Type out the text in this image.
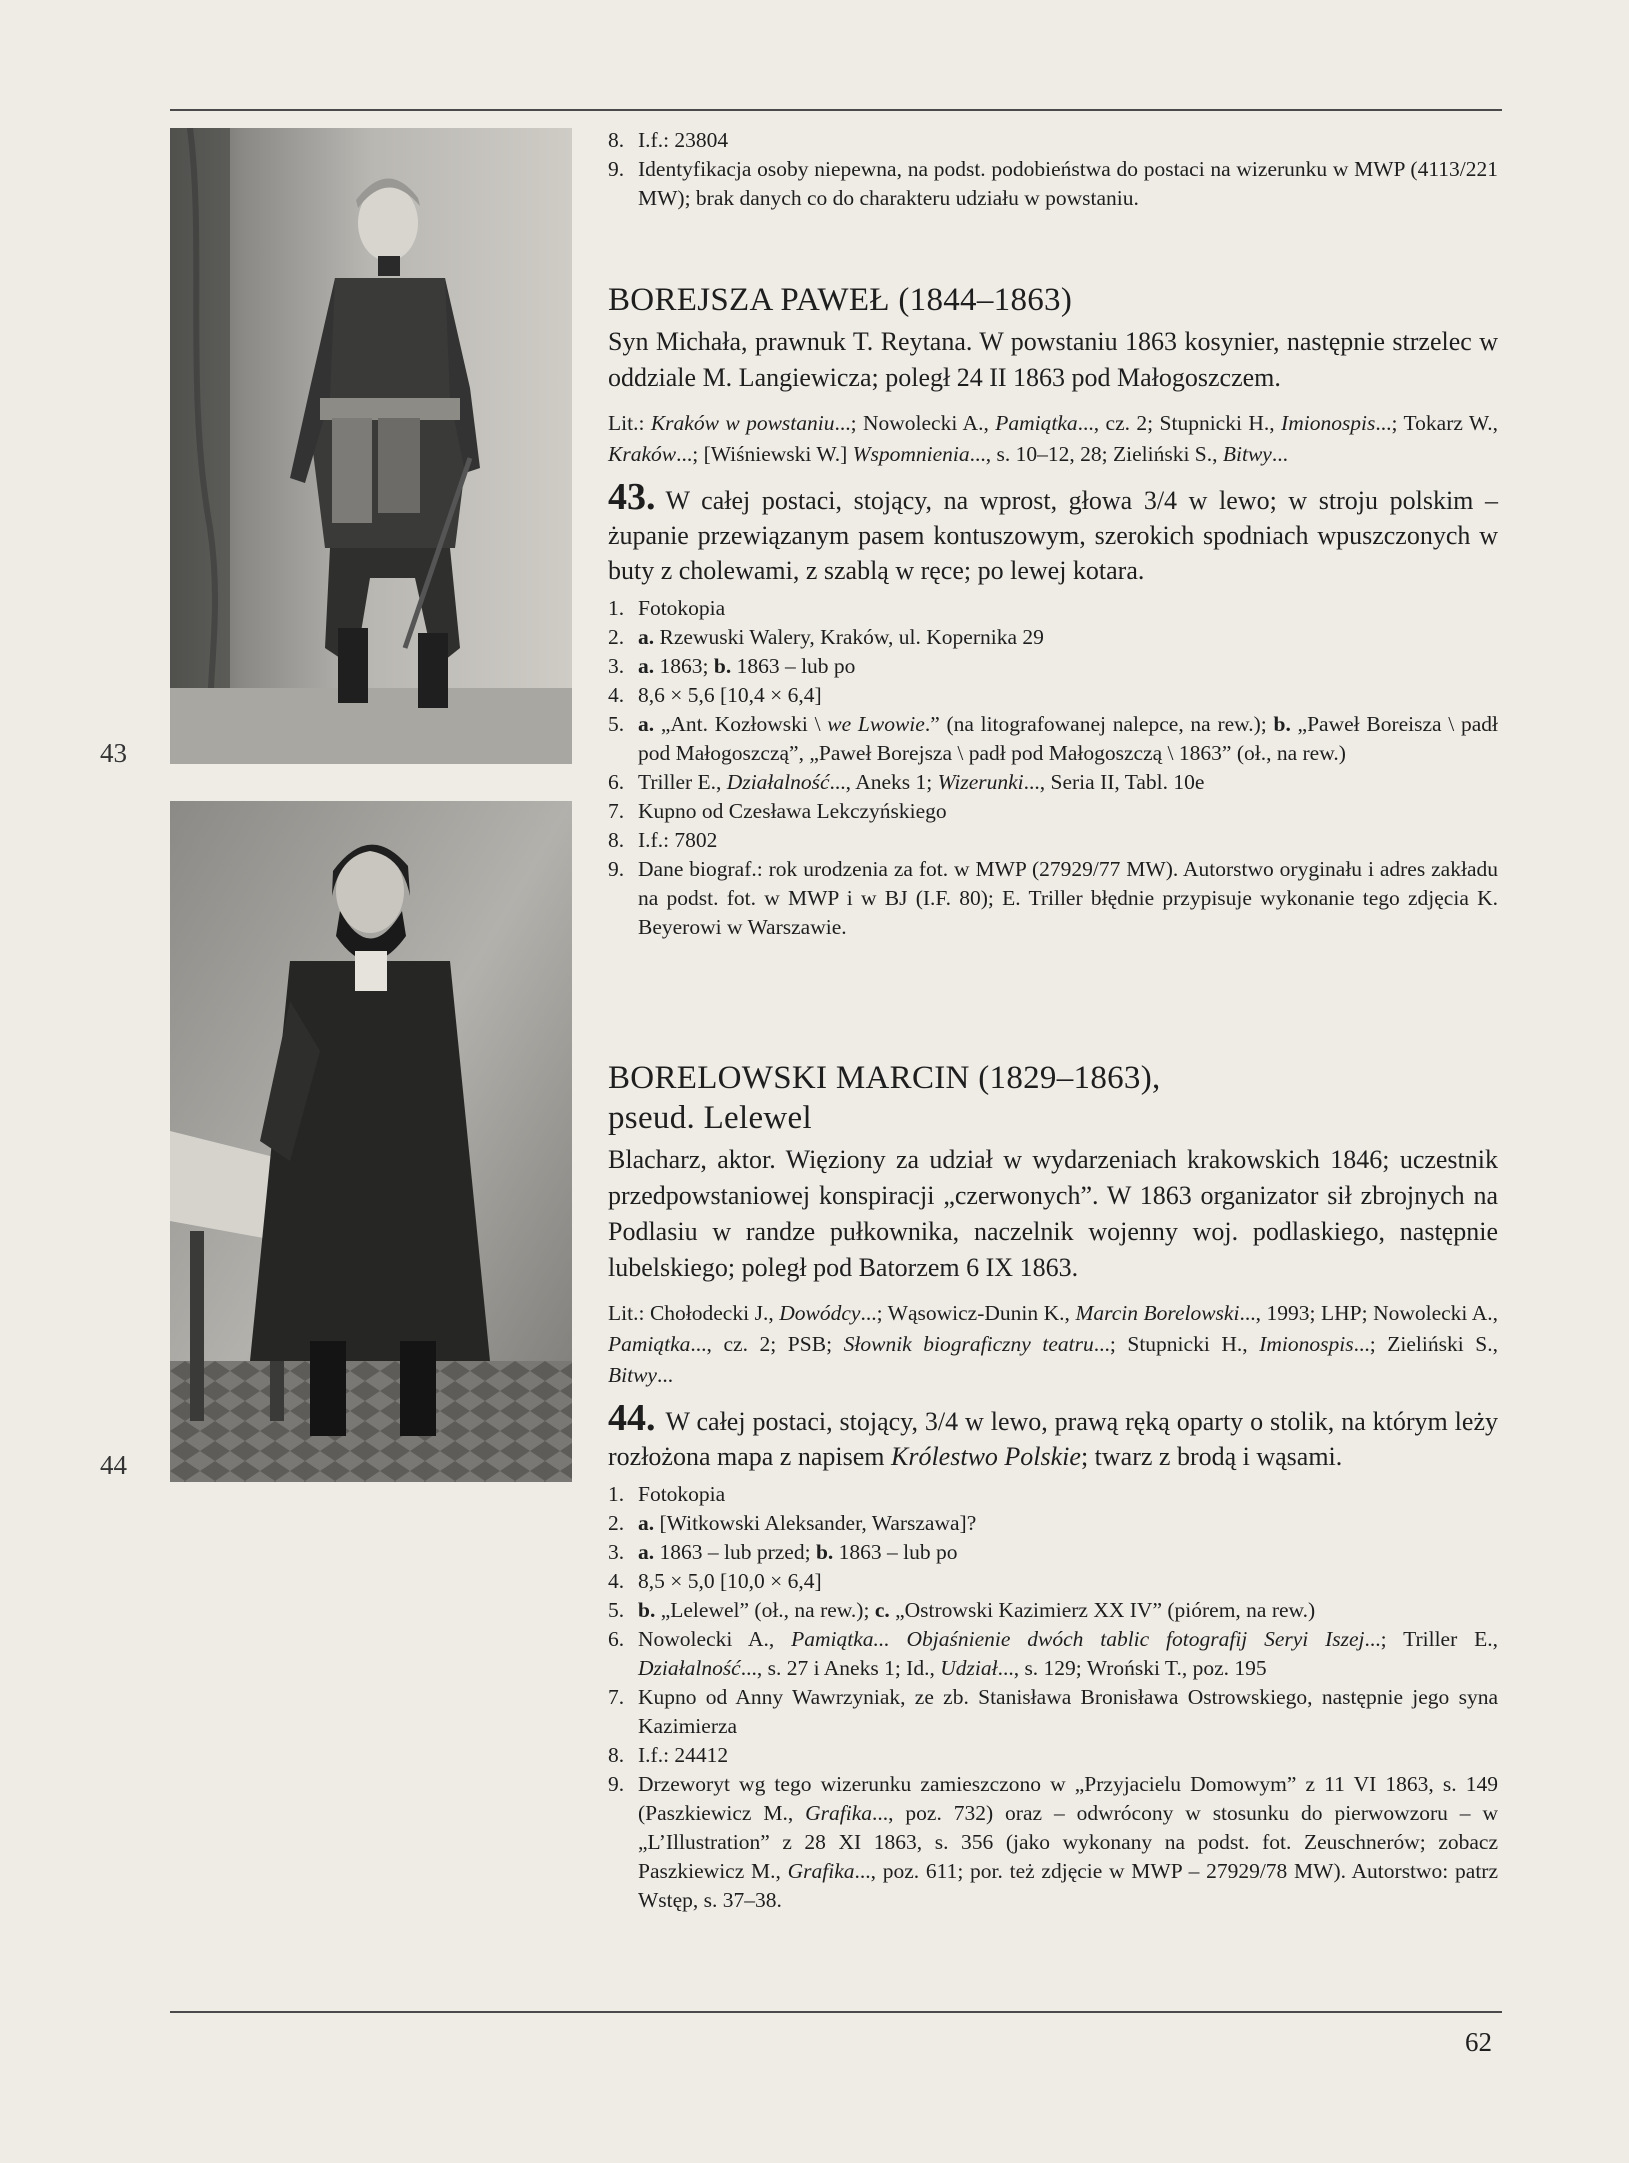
43
44
8. I.f.: 23804
9. Identyfikacja osoby niepewna, na podst. podobieństwa do postaci na wizerunku w MWP (4113/221 MW); brak danych co do charakteru udziału w powstaniu.
BOREJSZA PAWEŁ (1844–1863)

Syn Michała, prawnuk T. Reytana. W powstaniu 1863 kosynier, następnie strzelec w oddziale M. Langiewicza; poległ 24 II 1863 pod Małogoszczem.

Lit.: Kraków w powstaniu...; Nowolecki A., Pamiątka..., cz. 2; Stupnicki H., Imionospis...; Tokarz W., Kraków...; [Wiśniewski W.] Wspomnienia..., s. 10–12, 28; Zieliński S., Bitwy...

43. W całej postaci, stojący, na wprost, głowa 3/4 w lewo; w stroju polskim – żupanie przewiązanym pasem kontuszowym, szerokich spodniach wpuszczonych w buty z cholewami, z szablą w ręce; po lewej kotara.

1. Fotokopia
2. a. Rzewuski Walery, Kraków, ul. Kopernika 29
3. a. 1863; b. 1863 – lub po
4. 8,6 × 5,6 [10,4 × 6,4]
5. a. „Ant. Kozłowski \ we Lwowie.” (na litografowanej nalepce, na rew.); b. „Paweł Boreisza \ padł pod Małogoszczą”, „Paweł Borejsza \ padł pod Małogoszczą \ 1863” (oł., na rew.)
6. Triller E., Działalność..., Aneks 1; Wizerunki..., Seria II, Tabl. 10e
7. Kupno od Czesława Lekczyńskiego
8. I.f.: 7802
9. Dane biograf.: rok urodzenia za fot. w MWP (27929/77 MW). Autorstwo oryginału i adres zakładu na podst. fot. w MWP i w BJ (I.F. 80); E. Triller błędnie przypisuje wykonanie tego zdjęcia K. Beyerowi w Warszawie.
BORELOWSKI MARCIN (1829–1863),
pseud. Lelewel

Blacharz, aktor. Więziony za udział w wydarzeniach krakowskich 1846; uczestnik przedpowstaniowej konspiracji „czerwonych”. W 1863 organizator sił zbrojnych na Podlasiu w randze pułkownika, naczelnik wojenny woj. podlaskiego, następnie lubelskiego; poległ pod Batorzem 6 IX 1863.

Lit.: Chołodecki J., Dowódcy...; Wąsowicz-Dunin K., Marcin Borelowski..., 1993; LHP; Nowolecki A., Pamiątka..., cz. 2; PSB; Słownik biograficzny teatru...; Stupnicki H., Imionospis...; Zieliński S., Bitwy...

44. W całej postaci, stojący, 3/4 w lewo, prawą ręką oparty o stolik, na którym leży rozłożona mapa z napisem Królestwo Polskie; twarz z brodą i wąsami.

1. Fotokopia
2. a. [Witkowski Aleksander, Warszawa]?
3. a. 1863 – lub przed; b. 1863 – lub po
4. 8,5 × 5,0 [10,0 × 6,4]
5. b. „Lelewel” (oł., na rew.); c. „Ostrowski Kazimierz XX IV” (piórem, na rew.)
6. Nowolecki A., Pamiątka... Objaśnienie dwóch tablic fotografij Seryi Iszej...; Triller E., Działalność..., s. 27 i Aneks 1; Id., Udział..., s. 129; Wroński T., poz. 195
7. Kupno od Anny Wawrzyniak, ze zb. Stanisława Bronisława Ostrowskiego, następnie jego syna Kazimierza
8. I.f.: 24412
9. Drzeworyt wg tego wizerunku zamieszczono w „Przyjacielu Domowym” z 11 VI 1863, s. 149 (Paszkiewicz M., Grafika..., poz. 732) oraz – odwrócony w stosunku do pierwowzoru – w „L’Illustration” z 28 XI 1863, s. 356 (jako wykonany na podst. fot. Zeuschnerów; zobacz Paszkiewicz M., Grafika..., poz. 611; por. też zdjęcie w MWP – 27929/78 MW). Autorstwo: patrz Wstęp, s. 37–38.
62
